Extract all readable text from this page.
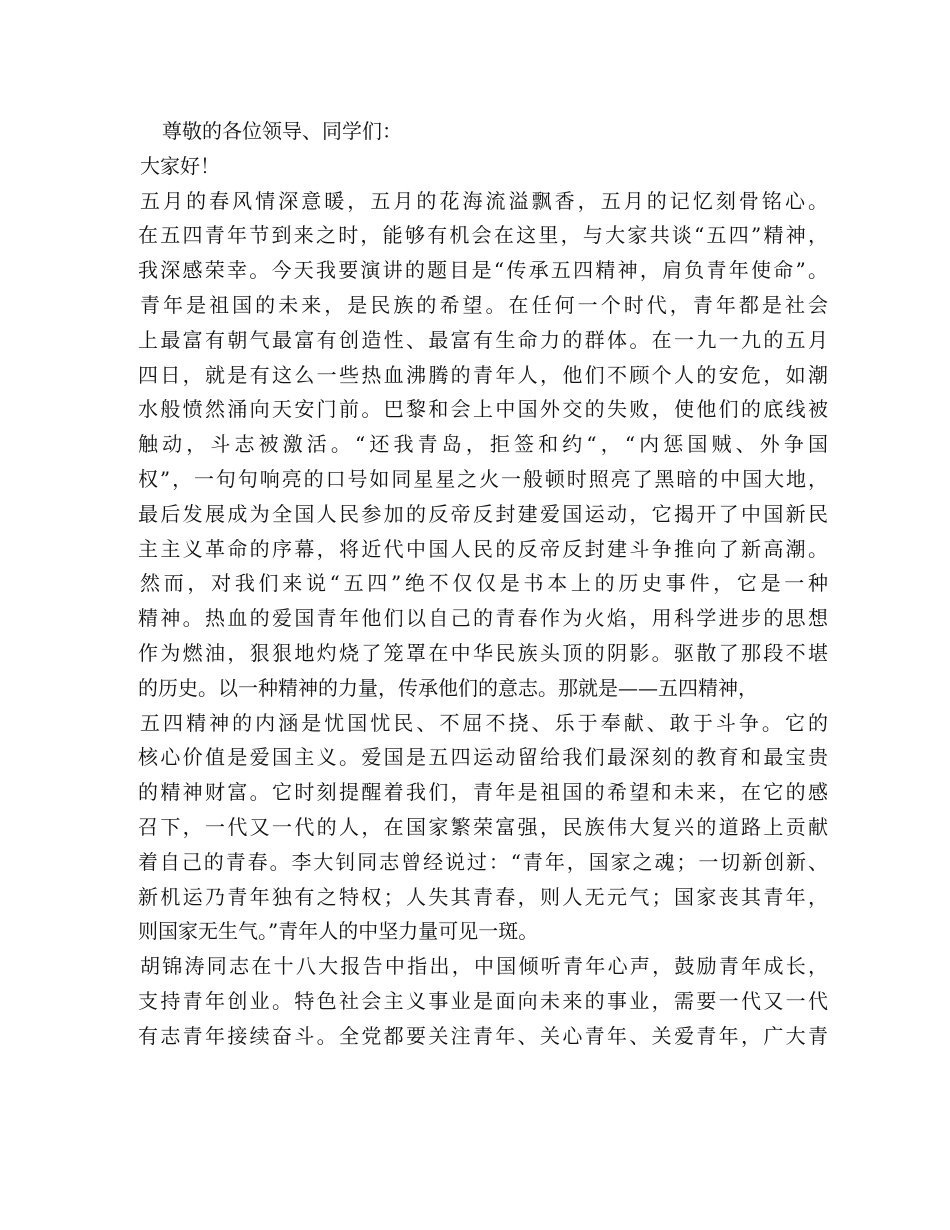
尊敬的各位领导、同学们：
大家好！
五月的春风情深意暖，五月的花海流溢飘香，五月的记忆刻骨铭心。
在五四青年节到来之时，能够有机会在这里，与大家共谈“五四”精神，
我深感荣幸。今天我要演讲的题目是“传承五四精神，肩负青年使命”。
青年是祖国的未来，是民族的希望。在任何一个时代，青年都是社会
上最富有朝气最富有创造性、最富有生命力的群体。在一九一九的五月
四日，就是有这么一些热血沸腾的青年人，他们不顾个人的安危，如潮
水般愤然涌向天安门前。巴黎和会上中国外交的失败，使他们的底线被
触动，斗志被激活。“还我青岛，拒签和约“，“内惩国贼、外争国
权”，一句句响亮的口号如同星星之火一般顿时照亮了黑暗的中国大地，
最后发展成为全国人民参加的反帝反封建爱国运动，它揭开了中国新民
主主义革命的序幕，将近代中国人民的反帝反封建斗争推向了新高潮。
然而，对我们来说“五四”绝不仅仅是书本上的历史事件，它是一种
精神。热血的爱国青年他们以自己的青春作为火焰，用科学进步的思想
作为燃油，狠狠地灼烧了笼罩在中华民族头顶的阴影。驱散了那段不堪
的历史。以一种精神的力量，传承他们的意志。那就是——五四精神，
五四精神的内涵是忧国忧民、不屈不挠、乐于奉献、敢于斗争。它的
核心价值是爱国主义。爱国是五四运动留给我们最深刻的教育和最宝贵
的精神财富。它时刻提醒着我们，青年是祖国的希望和未来，在它的感
召下，一代又一代的人，在国家繁荣富强，民族伟大复兴的道路上贡献
着自己的青春。李大钊同志曾经说过：“青年，国家之魂；一切新创新、
新机运乃青年独有之特权；人失其青春，则人无元气；国家丧其青年，
则国家无生气。”青年人的中坚力量可见一斑。
胡锦涛同志在十八大报告中指出，中国倾听青年心声，鼓励青年成长，
支持青年创业。特色社会主义事业是面向未来的事业，需要一代又一代
有志青年接续奋斗。全党都要关注青年、关心青年、关爱青年，广大青
